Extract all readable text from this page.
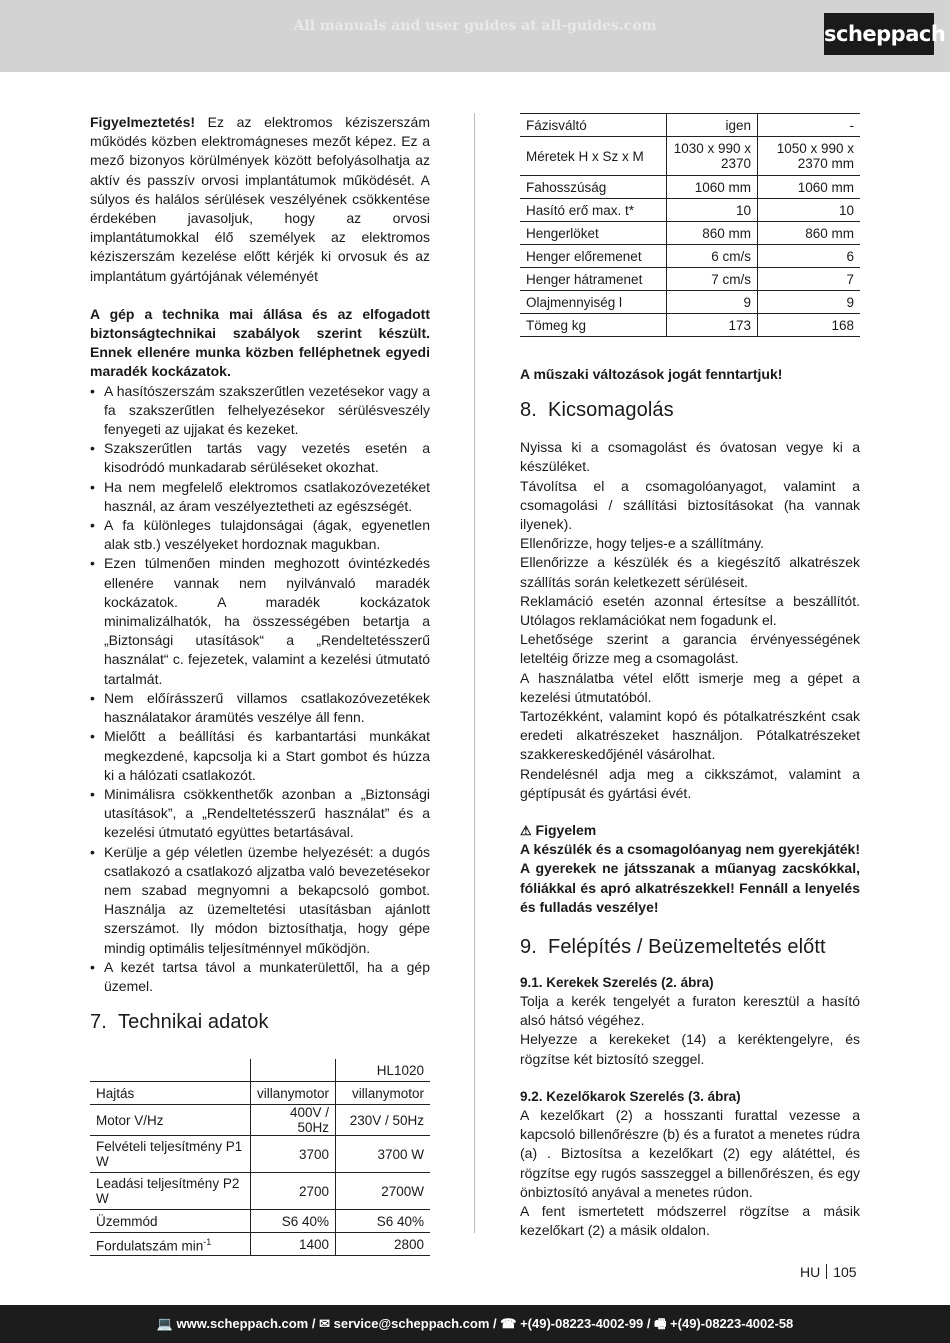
All manuals and user guides at all-guides.com	scheppach

Figyelmeztetés! Ez az elektromos kéziszerszám működés közben elektromágneses mezőt képez. Ez a mező bizonyos körülmények között befolyásolhatja az aktív és passzív orvosi implantátumok működését. A súlyos és halálos sérülések veszélyének csökkentése érdekében javasoljuk, hogy az orvosi implantátumokkal élő személyek az elektromos kéziszerszám kezelése előtt kérjék ki orvosuk és az implantátum gyártójának véleményét

A gép a technika mai állása és az elfogadott biztonságtechnikai szabályok szerint készült. Ennek ellenére munka közben felléphetnek egyedi maradék kockázatok.

• A hasítószerszám szakszerűtlen vezetésekor vagy a fa szakszerűtlen felhelyezésekor sérülésveszély fenyegeti az ujjakat és kezeket.
• Szakszerűtlen tartás vagy vezetés esetén a kisodródó munkadarab sérüléseket okozhat.
• Ha nem megfelelő elektromos csatlakozóvezetéket használ, az áram veszélyeztetheti az egészségét.
• A fa különleges tulajdonságai (ágak, egyenetlen alak stb.) veszélyeket hordoznak magukban.
• Ezen túlmenően minden meghozott óvintézkedés ellenére vannak nem nyilvánvaló maradék kockázatok. A maradék kockázatok minimalizálhatók, ha összességében betartja a „Biztonsági utasítások“ a „Rendeltetésszerű használat“ c. fejezetek, valamint a kezelési útmutató tartalmát.
• Nem előírásszerű villamos csatlakozóvezetékek használatakor áramütés veszélye áll fenn.
• Mielőtt a beállítási és karbantartási munkákat megkezdené, kapcsolja ki a Start gombot és húzza ki a hálózati csatlakozót.
• Minimálisra csökkenthetők azonban a „Biztonsági utasítások”, a „Rendeltetésszerű használat” és a kezelési útmutató együttes betartásával.
• Kerülje a gép véletlen üzembe helyezését: a dugós csatlakozó a csatlakozó aljzatba való bevezetésekor nem szabad megnyomni a bekapcsoló gombot. Használja az üzemeltetési utasításban ajánlott szerszámot. Ily módon biztosíthatja, hogy gépe mindig optimális teljesítménnyel működjön.
• A kezét tartsa távol a munkaterülettől, ha a gép üzemel.
7. Technikai adatok
		HL1020
Hajtás	villanymotor	villanymotor
Motor V/Hz	400V / 50Hz	230V / 50Hz
Felvételi teljesítmény P1 W	3700	3700 W
Leadási teljesítmény P2 W	2700	2700W
Üzemmód	S6 40%	S6 40%
Fordulatszám $\min^{-1}$	1400	2800
Fázisváltó	igen	-
Méretek H x Sz x M	1030 x 990 x 2370	1050 x 990 x 2370 mm
Fahosszúság	1060 mm	1060 mm
Hasító erő max. t*	10	10
Hengerlöket	860 mm	860 mm
Henger előremenet	6 cm/s	6
Henger hátramenet	7 cm/s	7
Olajmennyiség l	9	9
Tömeg kg	173	168

A műszaki változások jogát fenntartjuk!

8. Kicsomagolás

Nyissa ki a csomagolást és óvatosan vegye ki a készüléket.

Távolítsa el a csomagolóanyagot, valamint a csomagolási / szállítási biztosításokat (ha vannak ilyenek).

Ellenőrizze, hogy teljes-e a szállítmány.

Ellenőrizze a készülék és a kiegészítő alkatrészek szállítás során keletkezett sérüléseit.

Reklamáció esetén azonnal értesítse a beszállítót. Utólagos reklamációkat nem fogadunk el.

Lehetősége szerint a garancia érvényességének leteltéig őrizze meg a csomagolást.

A használatba vétel előtt ismerje meg a gépet a kezelési útmutatóból.

Tartozékként, valamint kopó és pótalkatrészként csak eredeti alkatrészeket használjon. Pótalkatrészeket szakkereskedőjénél vásárolhat.

Rendelésnél adja meg a cikkszámot, valamint a géptípusát és gyártási évét.

⚠ Figyelem

A készülék és a csomagolóanyag nem gyerekjáték! A gyerekek ne játsszanak a műanyag zacskókkal, fóliákkal és apró alkatrészekkel! Fennáll a lenyelés és fulladás veszélye!

9. Felépítés / Beüzemeltetés előtt
9.1. Kerekek Szerelés (2. ábra)

Tolja a kerék tengelyét a furaton keresztül a hasító alsó hátsó végéhez.

Helyezze a kerekeket (14) a keréktengelyre, és rögzítse két biztosító szeggel.

9.2. Kezelőkarok Szerelés (3. ábra)

A kezelőkart (2) a hosszanti furattal vezesse a kapcsoló billenőrészre (b) és a furatot a menetes rúdra (a) . Biztosítsa a kezelőkart (2) egy alátéttel, és rögzítse egy rugós sasszeggel a billenőrészen, és egy önbiztosító anyával a menetes rúdon.

A fent ismertetett módszerrel rögzítse a másik kezelőkart (2) a másik oldalon.

HU 105
💻 www.scheppach.com / ✉ service@scheppach.com / ☎ +(49)-08223-4002-99 / 🖷 +(49)-08223-4002-58
